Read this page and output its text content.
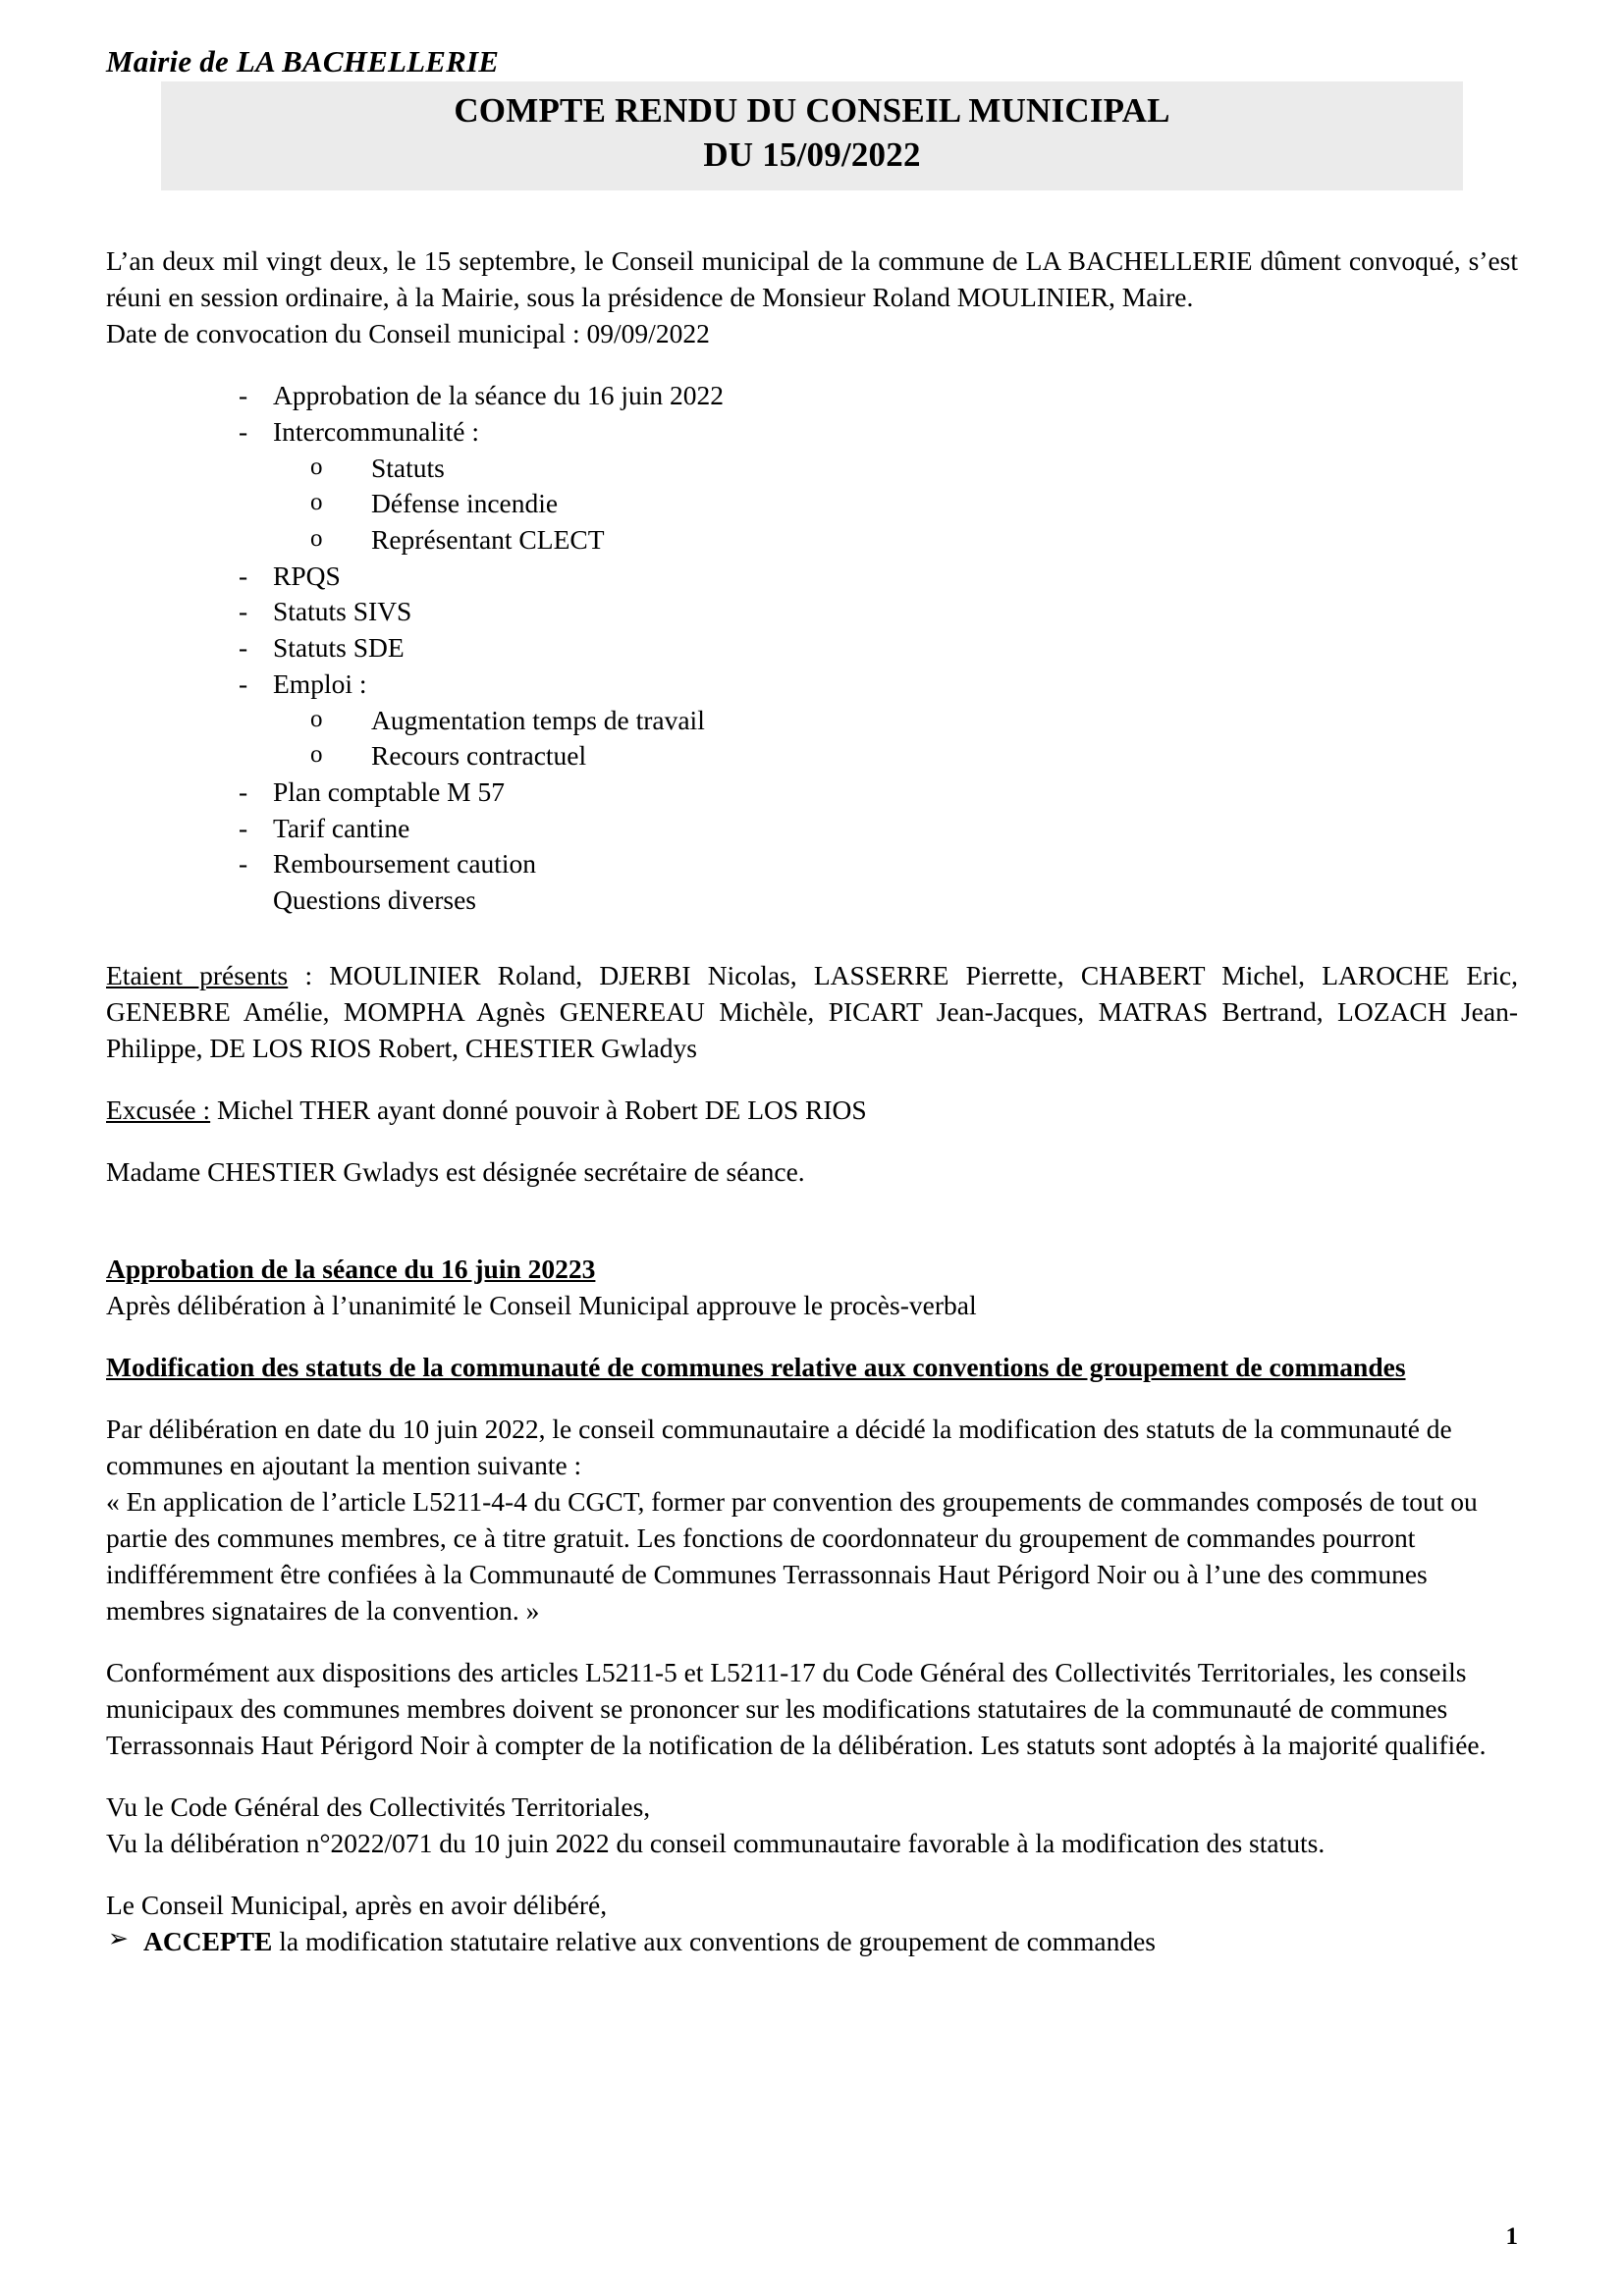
Mairie de LA BACHELLERIE
COMPTE RENDU DU CONSEIL MUNICIPAL
DU 15/09/2022

L’an deux mil vingt deux, le 15 septembre, le Conseil municipal de la commune de LA BACHELLERIE dûment convoqué, s’est réuni en session ordinaire, à la Mairie, sous la présidence de Monsieur Roland MOULINIER, Maire.

Date de convocation du Conseil municipal : 09/09/2022

- Approbation de la séance du 16 juin 2022
- Intercommunalité :
o Statuts
o Défense incendie
o Représentant CLECT
- RPQS
- Statuts SIVS
- Statuts SDE
- Emploi :
o Augmentation temps de travail
o Recours contractuel
- Plan comptable M 57
- Tarif cantine
- Remboursement caution
Questions diverses

Etaient présents : MOULINIER Roland, DJERBI Nicolas, LASSERRE Pierrette, CHABERT Michel, LAROCHE Eric, GENEBRE Amélie, MOMPHA Agnès GENEREAU Michèle, PICART Jean-Jacques, MATRAS Bertrand, LOZACH Jean-Philippe, DE LOS RIOS Robert, CHESTIER Gwladys

Excusée : Michel THER ayant donné pouvoir à Robert DE LOS RIOS

Madame CHESTIER Gwladys est désignée secrétaire de séance.

Approbation de la séance du 16 juin 20223

Après délibération à l’unanimité le Conseil Municipal approuve le procès-verbal

Modification des statuts de la communauté de communes relative aux conventions de groupement de commandes

Par délibération en date du 10 juin 2022, le conseil communautaire a décidé la modification des statuts de la communauté de communes en ajoutant la mention suivante :

« En application de l’article L5211-4-4 du CGCT, former par convention des groupements de commandes composés de tout ou partie des communes membres, ce à titre gratuit. Les fonctions de coordonnateur du groupement de commandes pourront indifféremment être confiées à la Communauté de Communes Terrassonnais Haut Périgord Noir ou à l’une des communes membres signataires de la convention. »

Conformément aux dispositions des articles L5211-5 et L5211-17 du Code Général des Collectivités Territoriales, les conseils municipaux des communes membres doivent se prononcer sur les modifications statutaires de la communauté de communes Terrassonnais Haut Périgord Noir à compter de la notification de la délibération. Les statuts sont adoptés à la majorité qualifiée.

Vu le Code Général des Collectivités Territoriales,

Vu la délibération n°2022/071 du 10 juin 2022 du conseil communautaire favorable à la modification des statuts.

Le Conseil Municipal, après en avoir délibéré,

➢ ACCEPTE la modification statutaire relative aux conventions de groupement de commandes

1
